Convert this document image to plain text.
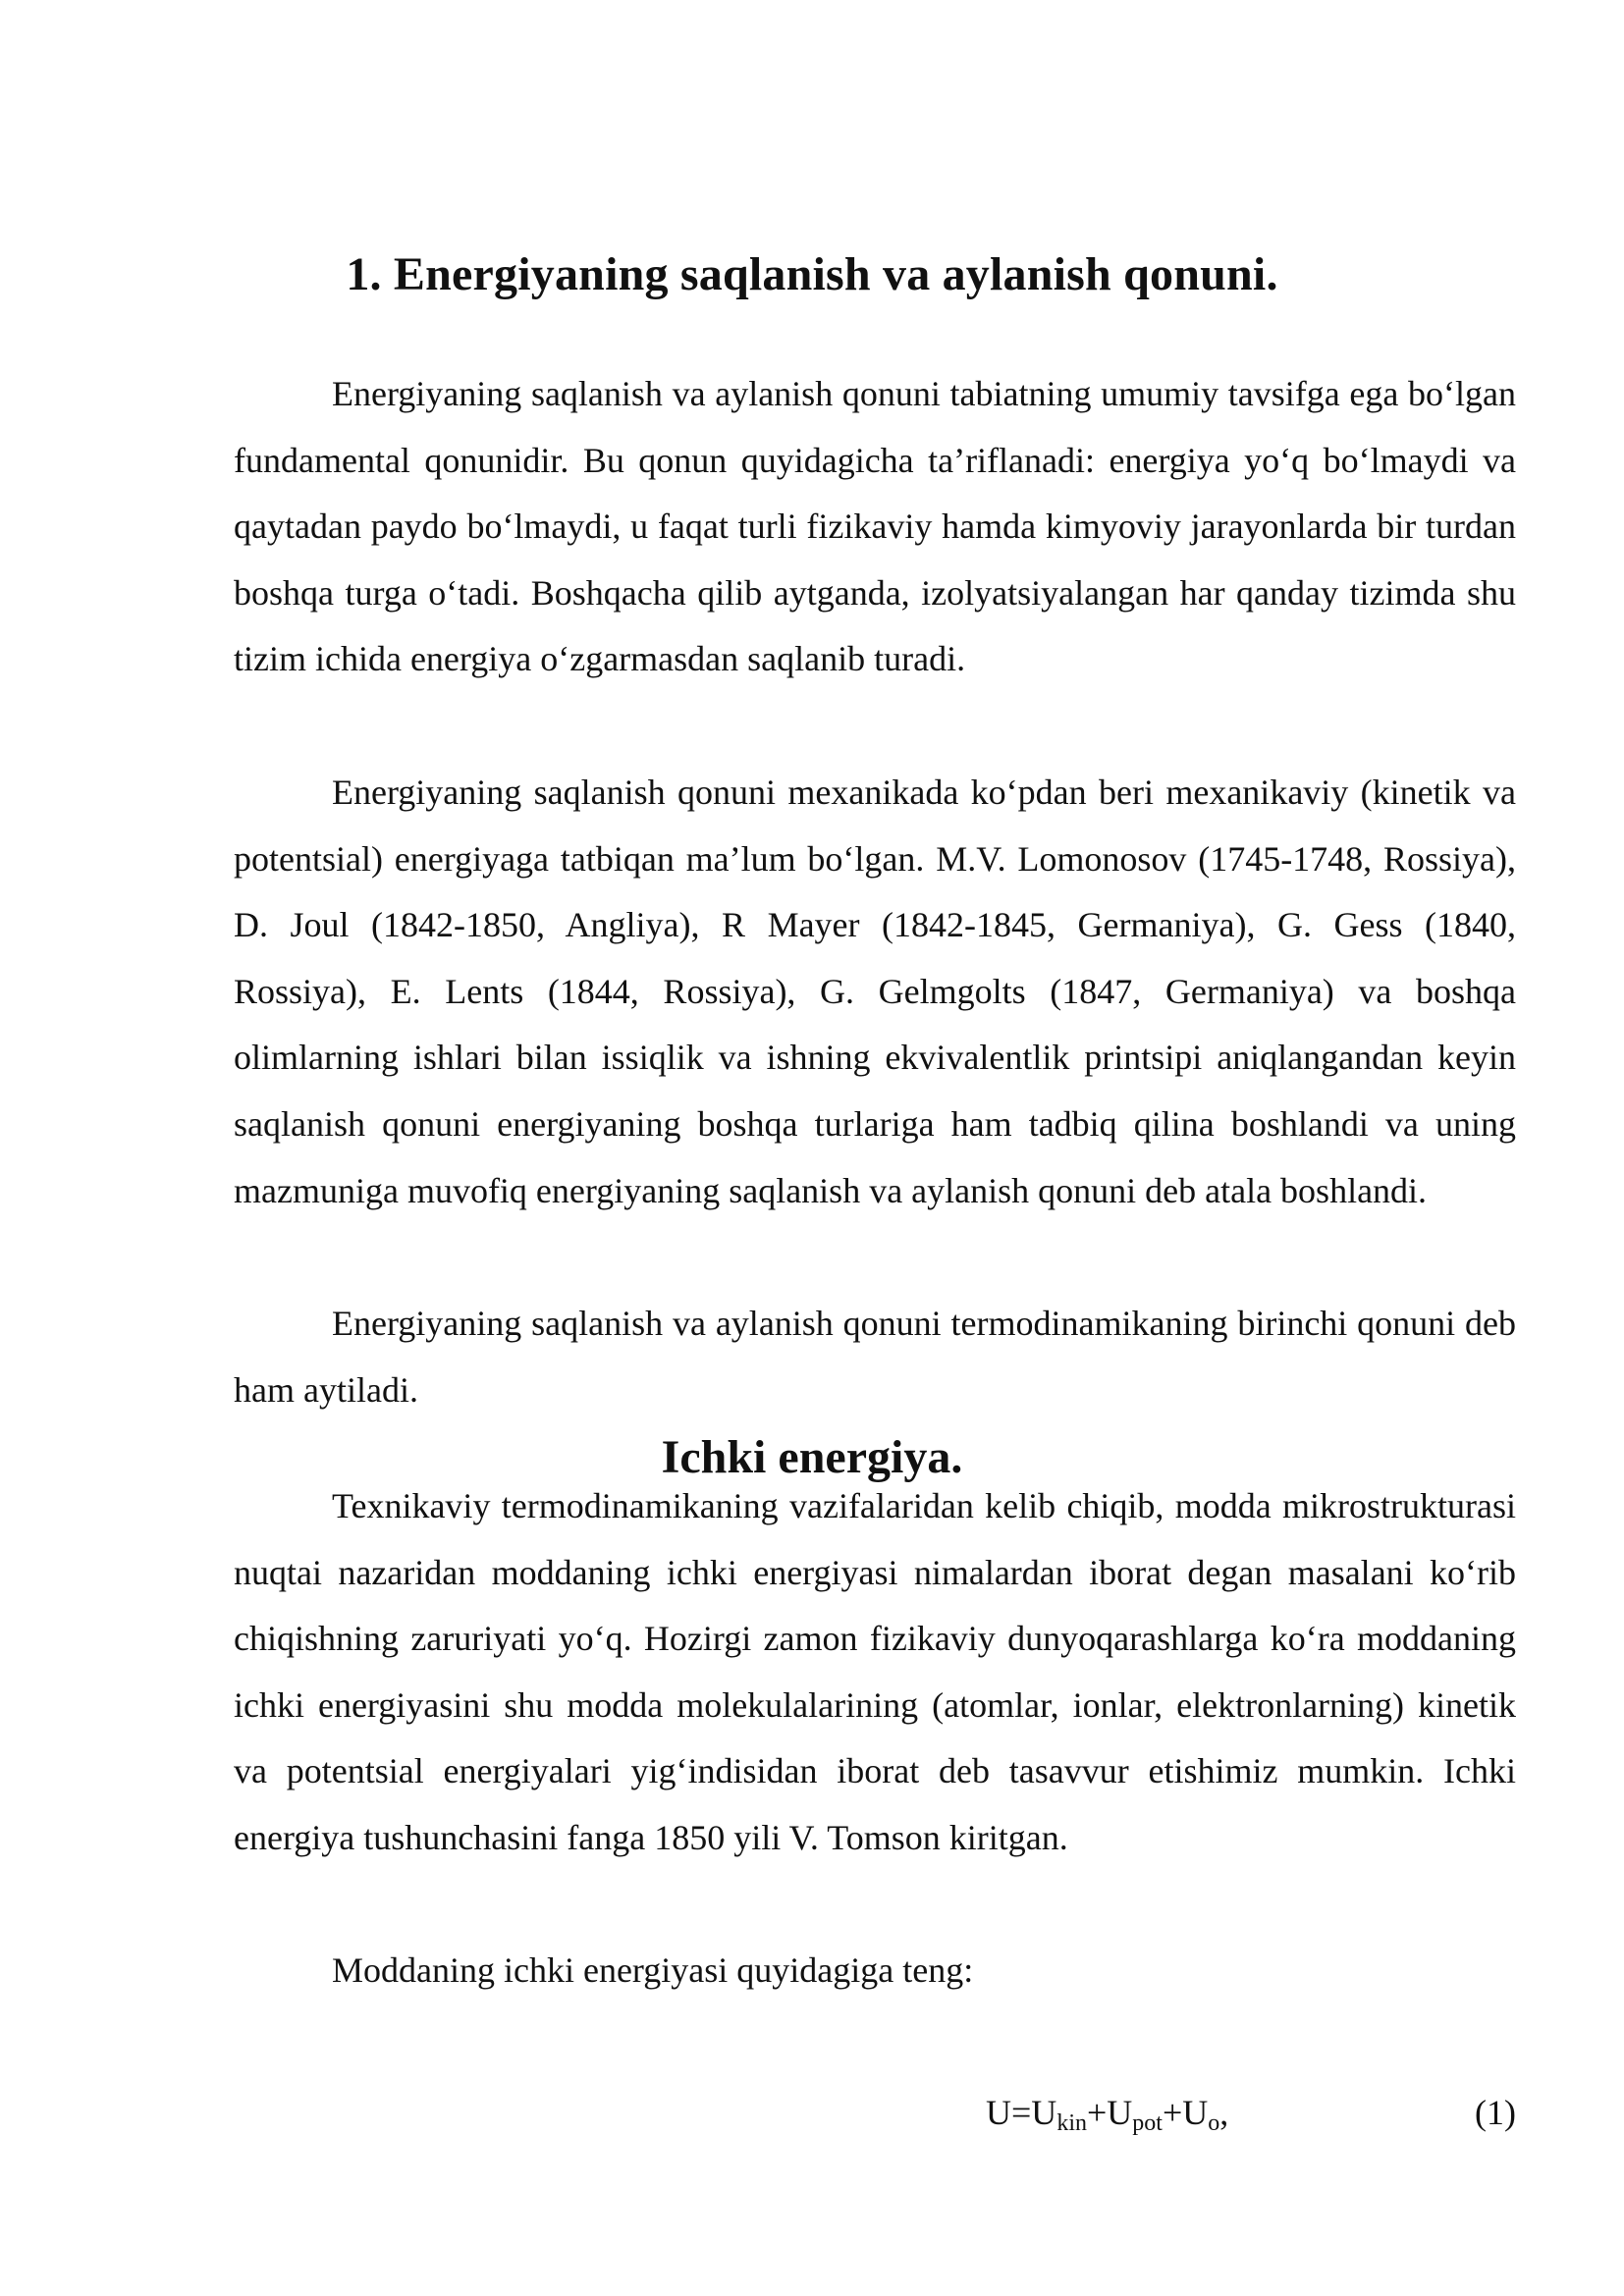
1. Energiyaning saqlanish va aylanish qonuni.

Energiyaning saqlanish va aylanish qonuni tabiatning umumiy tavsifga ega bo‘lgan fundamental qonunidir. Bu qonun quyidagicha ta’riflanadi: energiya yo‘q bo‘lmaydi va qaytadan paydo bo‘lmaydi, u faqat turli fizikaviy hamda kimyoviy jarayonlarda bir turdan boshqa turga o‘tadi. Boshqacha qilib aytganda, izolyatsiyalangan har qanday tizimda shu tizim ichida energiya o‘zgarmasdan saqlanib turadi.

Energiyaning saqlanish qonuni mexanikada ko‘pdan beri mexanikaviy (kinetik va potentsial) energiyaga tatbiqan ma’lum bo‘lgan. M.V. Lomonosov (1745-1748, Rossiya), D. Joul (1842-1850, Angliya), R Mayer (1842-1845, Germaniya), G. Gess (1840, Rossiya), E. Lents (1844, Rossiya), G. Gelmgolts (1847, Germaniya) va boshqa olimlarning ishlari bilan issiqlik va ishning ekvivalentlik printsipi aniqlangandan keyin saqlanish qonuni energiyaning boshqa turlariga ham tadbiq qilina boshlandi va uning mazmuniga muvofiq energiyaning saqlanish va aylanish qonuni deb atala boshlandi.

Energiyaning saqlanish va aylanish qonuni termodinamikaning birinchi qonuni deb ham aytiladi.

Ichki energiya.

Texnikaviy termodinamikaning vazifalaridan kelib chiqib, modda mikrostrukturasi nuqtai nazaridan moddaning ichki energiyasi nimalardan iborat degan masalani ko‘rib chiqishning zaruriyati yo‘q. Hozirgi zamon fizikaviy dunyoqarashlarga ko‘ra moddaning ichki energiyasini shu modda molekulalarining (atomlar, ionlar, elektronlarning) kinetik va potentsial energiyalari yig‘indisidan iborat deb tasavvur etishimiz mumkin. Ichki energiya tushunchasini fanga 1850 yili V. Tomson kiritgan.

Moddaning ichki energiyasi quyidagiga teng:

$U=U_{kin}+U_{pot}+U_o$,	(1)
